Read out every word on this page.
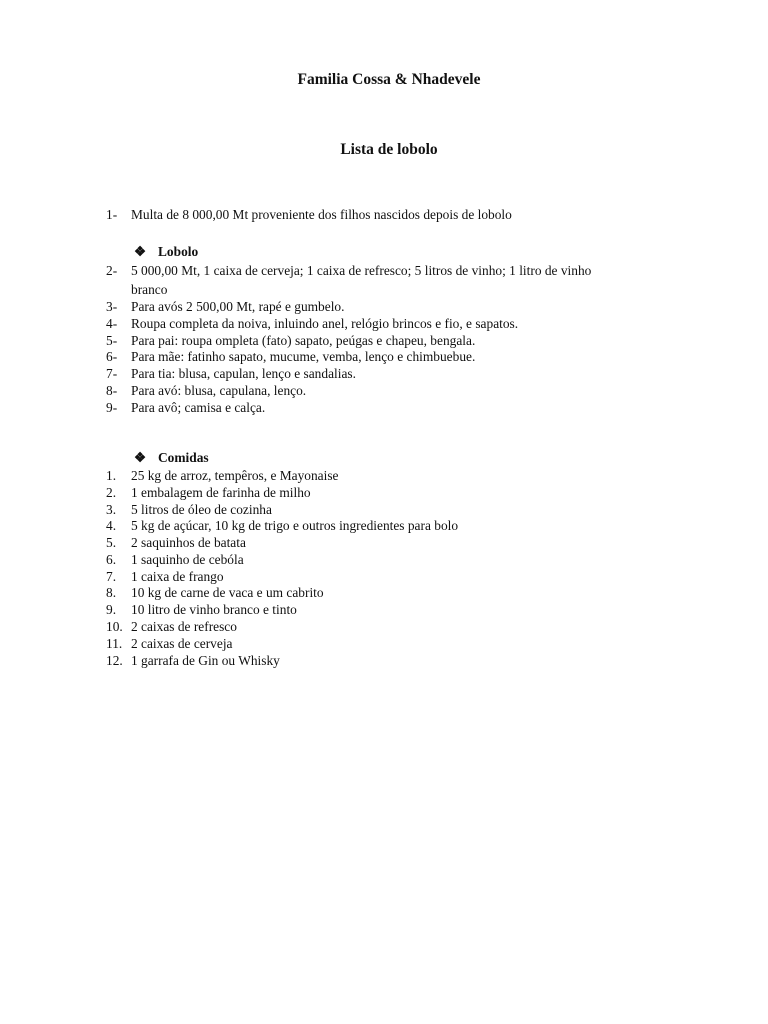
Familia Cossa & Nhadevele
Lista de lobolo
1- Multa de 8 000,00 Mt proveniente dos filhos nascidos depois de lobolo
❖ Lobolo
2- 5 000,00 Mt, 1 caixa de cerveja; 1 caixa de refresco; 5 litros de vinho; 1 litro de vinho
branco
3- Para avós 2 500,00 Mt, rapé e gumbelo.
4- Roupa completa da noiva, inluindo anel, relógio brincos e fio, e sapatos.
5- Para pai: roupa ompleta (fato) sapato, peúgas e chapeu, bengala.
6- Para mãe: fatinho sapato, mucume, vemba, lenço e chimbuebue.
7- Para tia: blusa, capulan, lenço e sandalias.
8- Para avó: blusa, capulana, lenço.
9- Para avô; camisa e calça.
❖ Comidas
1. 25 kg de arroz, tempêros, e Mayonaise
2. 1 embalagem de farinha de milho
3. 5 litros de óleo de cozinha
4. 5 kg de açúcar, 10 kg de trigo e outros ingredientes para bolo
5. 2 saquinhos de batata
6. 1 saquinho de cebóla
7. 1 caixa de frango
8. 10 kg de carne de vaca e um cabrito
9. 10 litro de vinho branco e tinto
10. 2 caixas de refresco
11. 2 caixas de cerveja
12. 1 garrafa de Gin ou Whisky
